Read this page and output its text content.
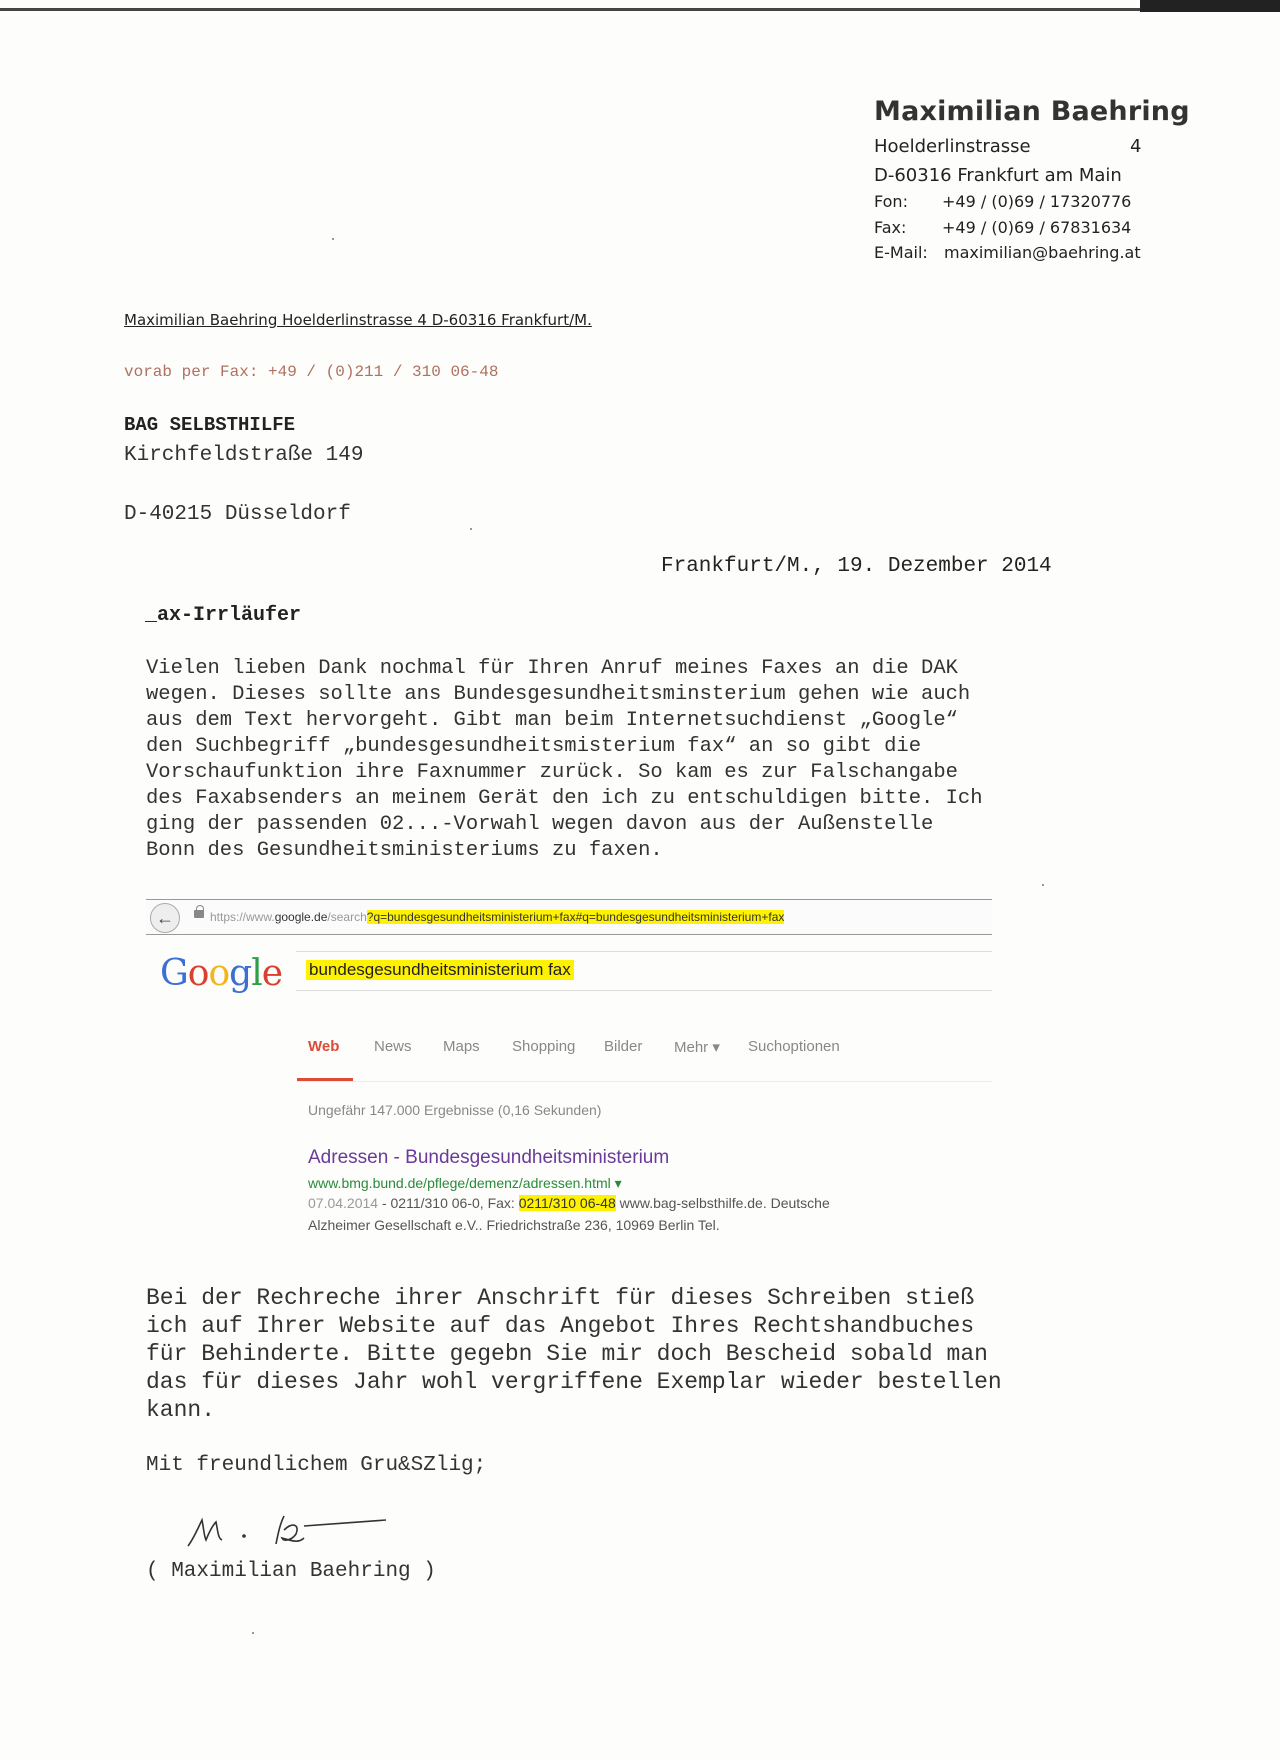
Maximilian Baehring
Hoelderlinstrasse	4
D-60316 Frankfurt am Main
Fon: +49 / (0)69 / 17320776
Fax: +49 / (0)69 / 67831634
E-Mail: maximilian@baehring.at
Maximilian Baehring Hoelderlinstrasse 4 D-60316 Frankfurt/M.
vorab per Fax: +49 / (0)211 / 310 06-48
BAG SELBSTHILFE
Kirchfeldstraße 149
D-40215 Düsseldorf
Frankfurt/M., 19. Dezember 2014
_ax-Irrläufer
Vielen lieben Dank nochmal für Ihren Anruf meines Faxes an die DAK
wegen. Dieses sollte ans Bundesgesundheitsminsterium gehen wie auch
aus dem Text hervorgeht. Gibt man beim Internetsuchdienst „Google“
den Suchbegriff „bundesgesundheitsmisterium fax“ an so gibt die
Vorschaufunktion ihre Faxnummer zurück. So kam es zur Falschangabe
des Faxabsenders an meinem Gerät den ich zu entschuldigen bitte. Ich
ging der passenden 02...-Vorwahl wegen davon aus der Außenstelle
Bonn des Gesundheitsministeriums zu faxen.
←	https://www.google.de/search?q=bundesgesundheitsministerium+fax#q=bundesgesundheitsministerium+fax
Google bundesgesundheitsministerium fax
Web News Maps Shopping Bilder Mehr ▾ Suchoptionen
Ungefähr 147.000 Ergebnisse (0,16 Sekunden)
Adressen - Bundesgesundheitsministerium
www.bmg.bund.de/pflege/demenz/adressen.html ▾
07.04.2014 - 0211/310 06-0, Fax: 0211/310 06-48 www.bag-selbsthilfe.de. Deutsche
Alzheimer Gesellschaft e.V.. Friedrichstraße 236, 10969 Berlin Tel.
Bei der Rechreche ihrer Anschrift für dieses Schreiben stieß
ich auf Ihrer Website auf das Angebot Ihres Rechtshandbuches
für Behinderte. Bitte gegebn Sie mir doch Bescheid sobald man
das für dieses Jahr wohl vergriffene Exemplar wieder bestellen
kann.
Mit freundlichem Gru&SZlig;
( Maximilian Baehring )
